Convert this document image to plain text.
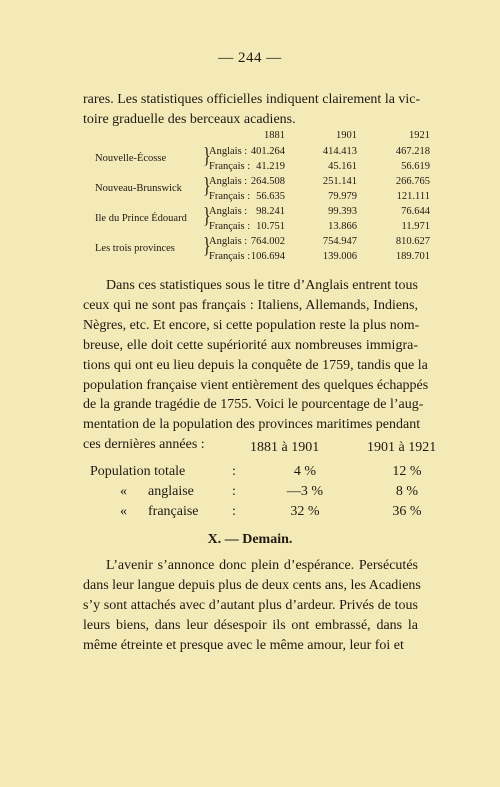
— 244 —
rares. Les statistiques officielles indiquent clairement la vic-
toire graduelle des berceaux acadiens.
1881	1901	1921
Nouvelle-Écosse }
Anglais : 401.264	414.413	467.218
Français : 41.219	45.161	56.619
Nouveau-Brunswick }
Anglais : 264.508	251.141	266.765
Français : 56.635	79.979	121.111
Ile du Prince Édouard }
Anglais : 98.241	99.393	76.644
Français : 10.751	13.866	11.971
Les trois provinces }
Anglais : 764.002	754.947	810.627
Français : 106.694	139.006	189.701
Dans ces statistiques sous le titre d’Anglais entrent tous
ceux qui ne sont pas français : Italiens, Allemands, Indiens,
Nègres, etc. Et encore, si cette population reste la plus nom-
breuse, elle doit cette supériorité aux nombreuses immigra-
tions qui ont eu lieu depuis la conquête de 1759, tandis que la
population française vient entièrement des quelques échappés
de la grande tragédie de 1755. Voici le pourcentage de l’aug-
mentation de la population des provinces maritimes pendant
ces dernières années :	1881 à 1901	1901 à 1921
Population totale	:	4 %	12 %
«      anglaise	:	—3 %	8 %
«      française :	32 %	36 %
X. — Demain.
L’avenir s’annonce donc plein d’espérance. Persécutés
dans leur langue depuis plus de deux cents ans, les Acadiens
s’y sont attachés avec d’autant plus d’ardeur. Privés de tous
leurs biens, dans leur désespoir ils ont embrassé, dans la
même étreinte et presque avec le même amour, leur foi et
